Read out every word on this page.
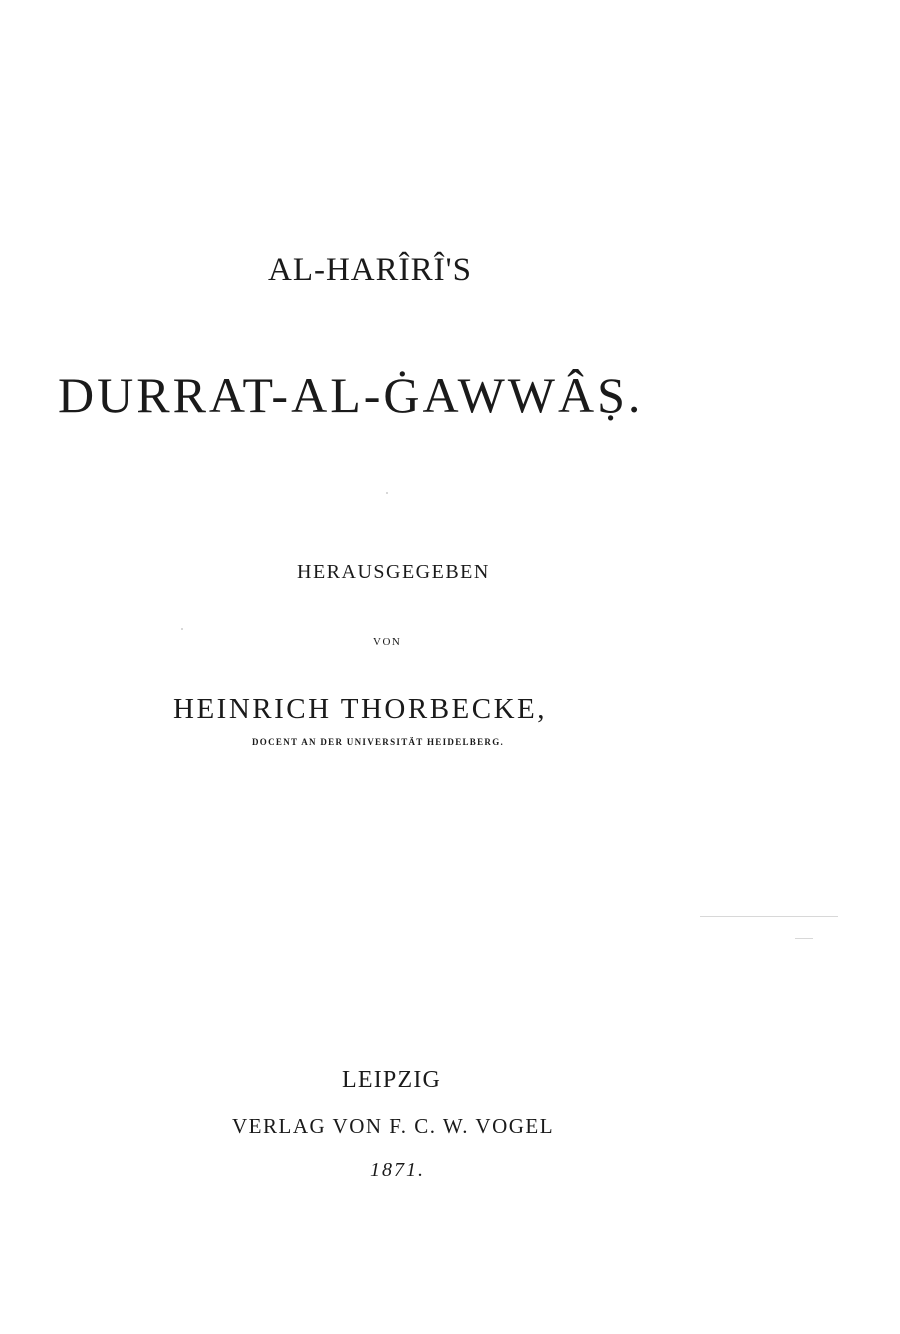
AL-HARÎRÎ'S
DURRAT-AL-ĠAWWÂṢ.
HERAUSGEGEBEN
VON
HEINRICH THORBECKE,
DOCENT AN DER UNIVERSITÄT HEIDELBERG.
LEIPZIG
VERLAG VON F. C. W. VOGEL
1871.
